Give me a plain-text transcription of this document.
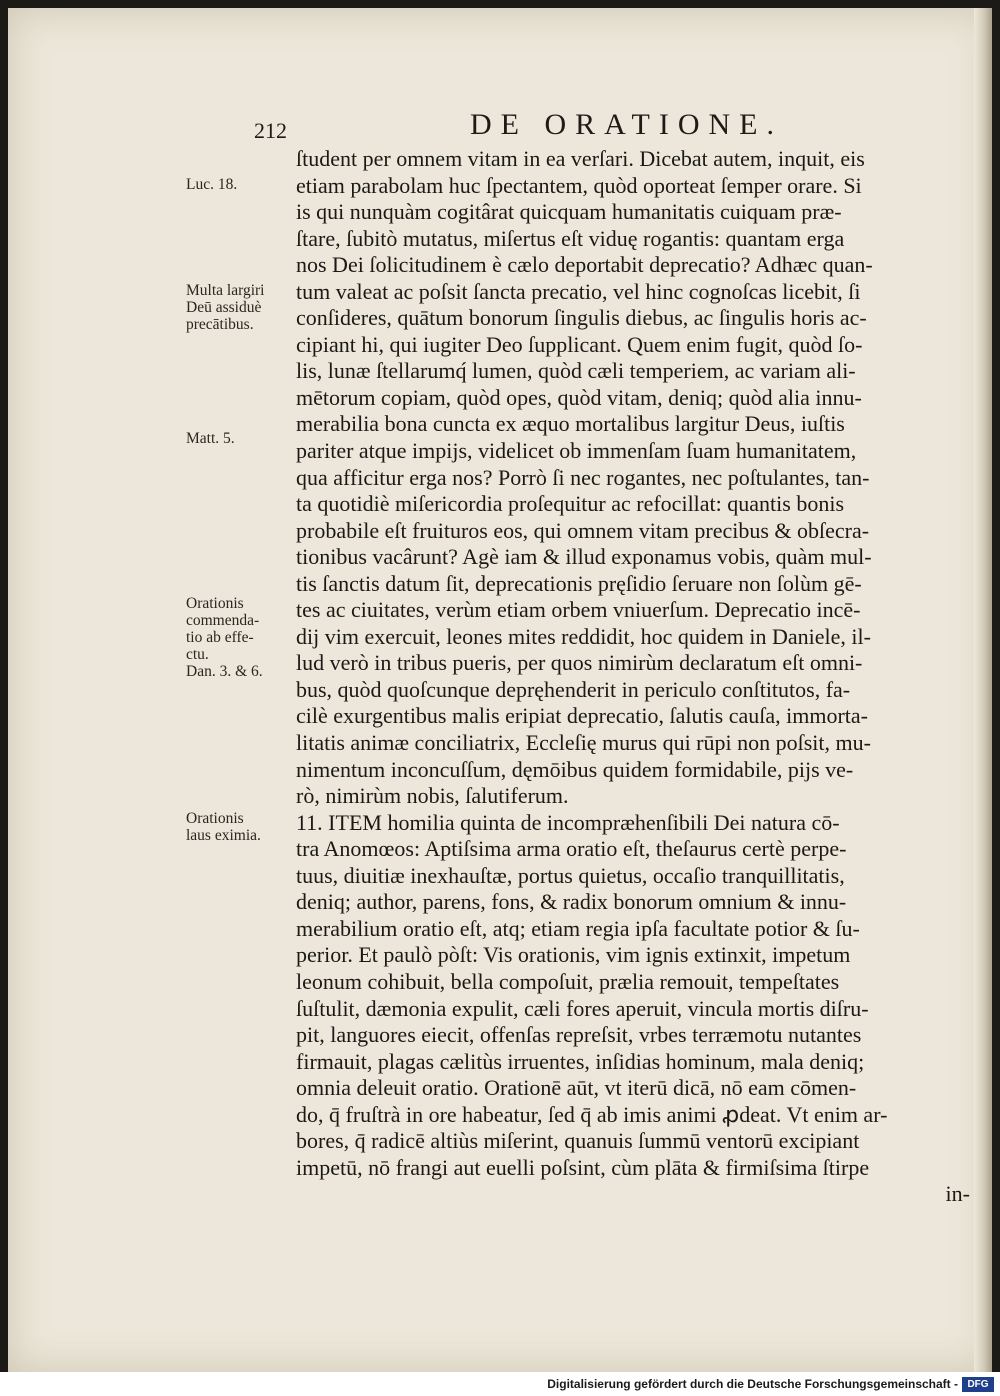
212	DE ORATIONE.
Luc. 18.
Multa largiri
Deū assiduè
precātibus.
Matt. 5.
Orationis
commenda-
tio ab effe-
ctu.
Dan. 3. & 6.
Orationis
laus eximia.
ſtudent per omnem vitam in ea verſari. Dicebat autem, inquit, eis
etiam parabolam huc ſpectantem, quòd oporteat ſemper orare. Si
is qui nunquàm cogitârat quicquam humanitatis cuiquam præ-
ſtare, ſubitò mutatus, miſertus eſt viduę rogantis: quantam erga
nos Dei ſolicitudinem è cælo deportabit deprecatio? Adhæc quan-
tum valeat ac poſsit ſancta precatio, vel hinc cognoſcas licebit, ſi
conſideres, quātum bonorum ſingulis diebus, ac ſingulis horis ac-
cipiant hi, qui iugiter Deo ſupplicant. Quem enim fugit, quòd ſo-
lis, lunæ ſtellarumq́ lumen, quòd cæli temperiem, ac variam ali-
mētorum copiam, quòd opes, quòd vitam, deniq; quòd alia innu-
merabilia bona cuncta ex æquo mortalibus largitur Deus, iuſtis
pariter atque impijs, videlicet ob immenſam ſuam humanitatem,
qua afficitur erga nos? Porrò ſi nec rogantes, nec poſtulantes, tan-
ta quotidiè miſericordia proſequitur ac refocillat: quantis bonis
probabile eſt fruituros eos, qui omnem vitam precibus & obſecra-
tionibus vacârunt? Agè iam & illud exponamus vobis, quàm mul-
tis ſanctis datum ſit, deprecationis pręſidio ſeruare non ſolùm gē-
tes ac ciuitates, verùm etiam orbem vniuerſum. Deprecatio incē-
dij vim exercuit, leones mites reddidit, hoc quidem in Daniele, il-
lud verò in tribus pueris, per quos nimirùm declaratum eſt omni-
bus, quòd quoſcunque depręhenderit in periculo conſtitutos, fa-
cilè exurgentibus malis eripiat deprecatio, ſalutis cauſa, immorta-
litatis animæ conciliatrix, Eccleſię murus qui rūpi non poſsit, mu-
nimentum inconcuſſum, dęmōibus quidem formidabile, pijs ve-
rò, nimirùm nobis, ſalutiferum.
11. ITEM homilia quinta de incompræhenſibili Dei natura cō-
tra Anomœos: Aptiſsima arma oratio eſt, theſaurus certè perpe-
tuus, diuitiæ inexhauſtæ, portus quietus, occaſio tranquillitatis,
deniq; author, parens, fons, & radix bonorum omnium & innu-
merabilium oratio eſt, atq; etiam regia ipſa facultate potior & ſu-
perior. Et paulò pòſt: Vis orationis, vim ignis extinxit, impetum
leonum cohibuit, bella compoſuit, prælia remouit, tempeſtates
ſuſtulit, dæmonia expulit, cæli fores aperuit, vincula mortis diſru-
pit, languores eiecit, offenſas repreſsit, vrbes terræmotu nutantes
firmauit, plagas cælitùs irruentes, inſidias hominum, mala deniq;
omnia deleuit oratio. Orationē aūt, vt iterū dicā, nō eam cōmen-
do, q̄ fruſtrà in ore habeatur, ſed q̄ ab imis animi ꝓdeat. Vt enim ar-
bores, q̄ radicē altiùs miſerint, quanuis ſummū ventorū excipiant
impetū, nō frangi aut euelli poſsint, cùm plāta & firmiſsima ſtirpe
in-
Digitalisierung gefördert durch die Deutsche Forschungsgemeinschaft - DFG
